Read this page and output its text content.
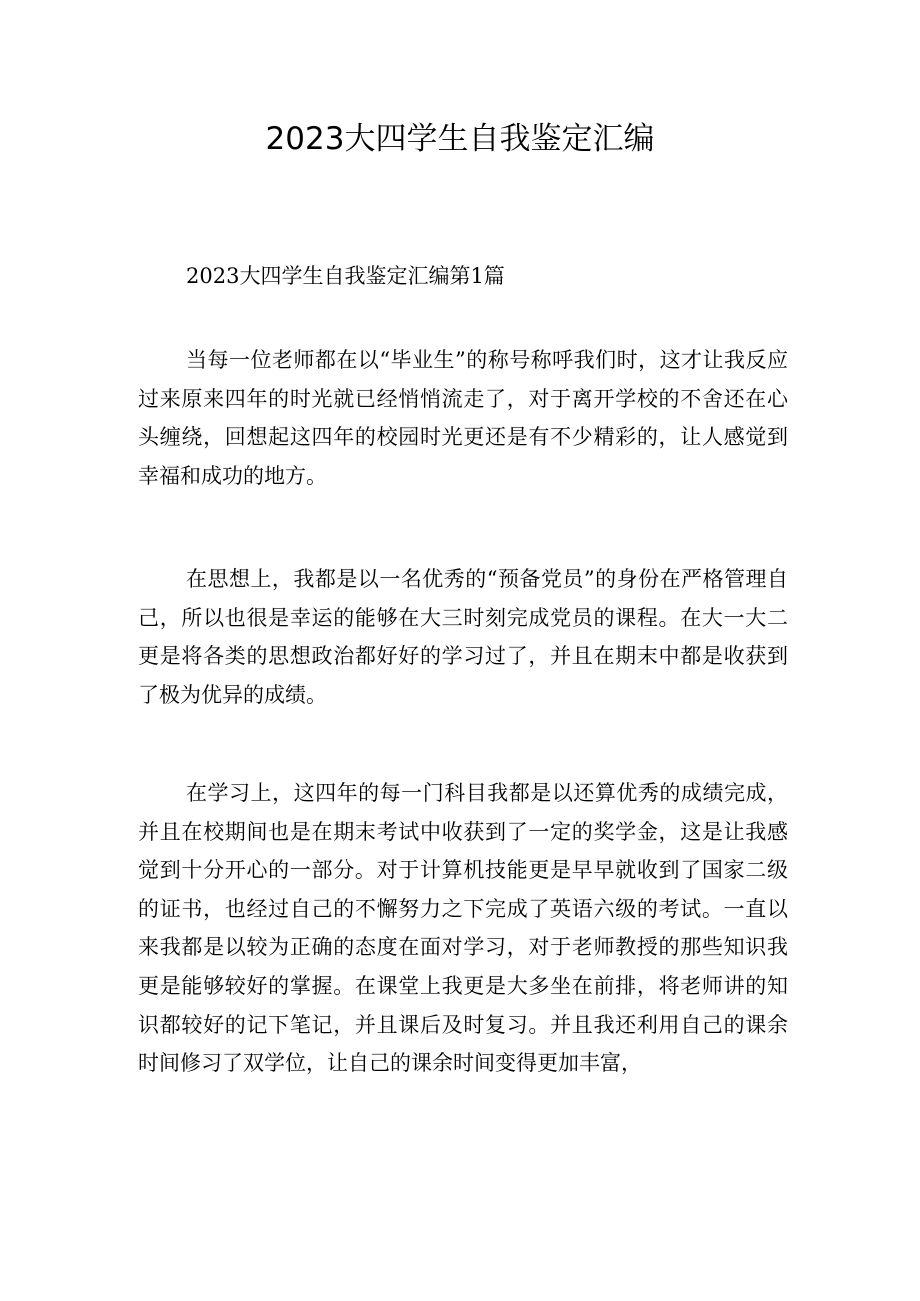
2023大四学生自我鉴定汇编

2023大四学生自我鉴定汇编第1篇

当每一位老师都在以“毕业生”的称号称呼我们时，这才让我反应过来原来四年的时光就已经悄悄流走了，对于离开学校的不舍还在心头缠绕，回想起这四年的校园时光更还是有不少精彩的，让人感觉到幸福和成功的地方。

在思想上，我都是以一名优秀的“预备党员”的身份在严格管理自己，所以也很是幸运的能够在大三时刻完成党员的课程。在大一大二更是将各类的思想政治都好好的学习过了，并且在期末中都是收获到了极为优异的成绩。

在学习上，这四年的每一门科目我都是以还算优秀的成绩完成，并且在校期间也是在期末考试中收获到了一定的奖学金，这是让我感觉到十分开心的一部分。对于计算机技能更是早早就收到了国家二级的证书，也经过自己的不懈努力之下完成了英语六级的考试。一直以来我都是以较为正确的态度在面对学习，对于老师教授的那些知识我更是能够较好的掌握。在课堂上我更是大多坐在前排，将老师讲的知识都较好的记下笔记，并且课后及时复习。并且我还利用自己的课余时间修习了双学位，让自己的课余时间变得更加丰富，
